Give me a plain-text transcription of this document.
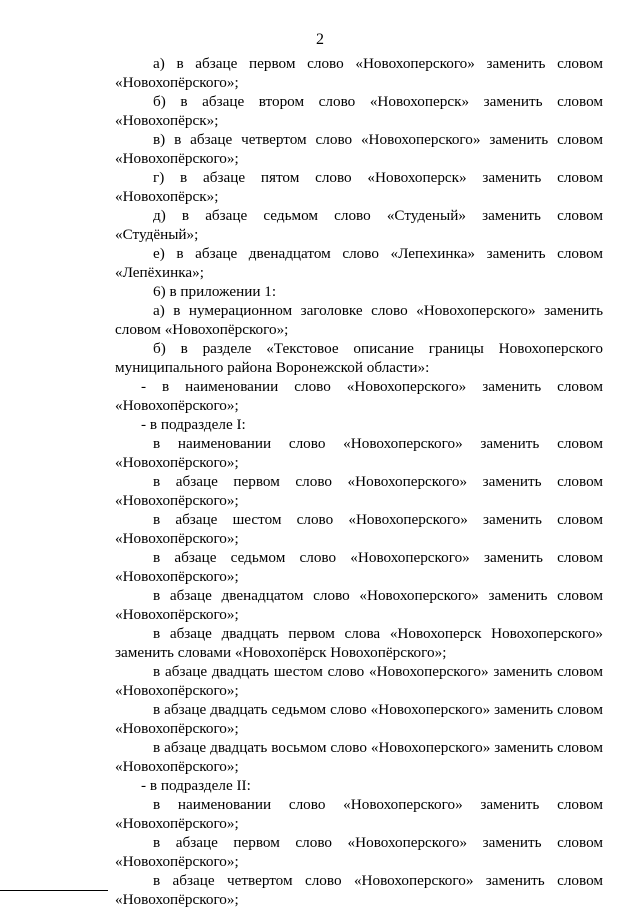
2

а) в абзаце первом слово «Новохоперского» заменить словом «Новохопёрского»;

б) в абзаце втором слово «Новохоперск» заменить словом «Новохопёрск»;

в) в абзаце четвертом слово «Новохоперского» заменить словом «Новохопёрского»;

г) в абзаце пятом слово «Новохоперск» заменить словом «Новохопёрск»;

д) в абзаце седьмом слово «Студеный» заменить словом «Студёный»;

е) в абзаце двенадцатом слово «Лепехинка» заменить словом «Лепёхинка»;

6) в приложении 1:

а) в нумерационном заголовке слово «Новохоперского» заменить словом «Новохопёрского»;

б) в разделе «Текстовое описание границы Новохоперского муниципального района Воронежской области»:

- в наименовании слово «Новохоперского» заменить словом «Новохопёрского»;

- в подразделе I:

в наименовании слово «Новохоперского» заменить словом «Новохопёрского»;

в абзаце первом слово «Новохоперского» заменить словом «Новохопёрского»;

в абзаце шестом слово «Новохоперского» заменить словом «Новохопёрского»;

в абзаце седьмом слово «Новохоперского» заменить словом «Новохопёрского»;

в абзаце двенадцатом слово «Новохоперского» заменить словом «Новохопёрского»;

в абзаце двадцать первом слова «Новохоперск Новохоперского» заменить словами «Новохопёрск Новохопёрского»;

в абзаце двадцать шестом слово «Новохоперского» заменить словом «Новохопёрского»;

в абзаце двадцать седьмом слово «Новохоперского» заменить словом «Новохопёрского»;

в абзаце двадцать восьмом слово «Новохоперского» заменить словом «Новохопёрского»;

- в подразделе II:

в наименовании слово «Новохоперского» заменить словом «Новохопёрского»;

в абзаце первом слово «Новохоперского» заменить словом «Новохопёрского»;

в абзаце четвертом слово «Новохоперского» заменить словом «Новохопёрского»;
